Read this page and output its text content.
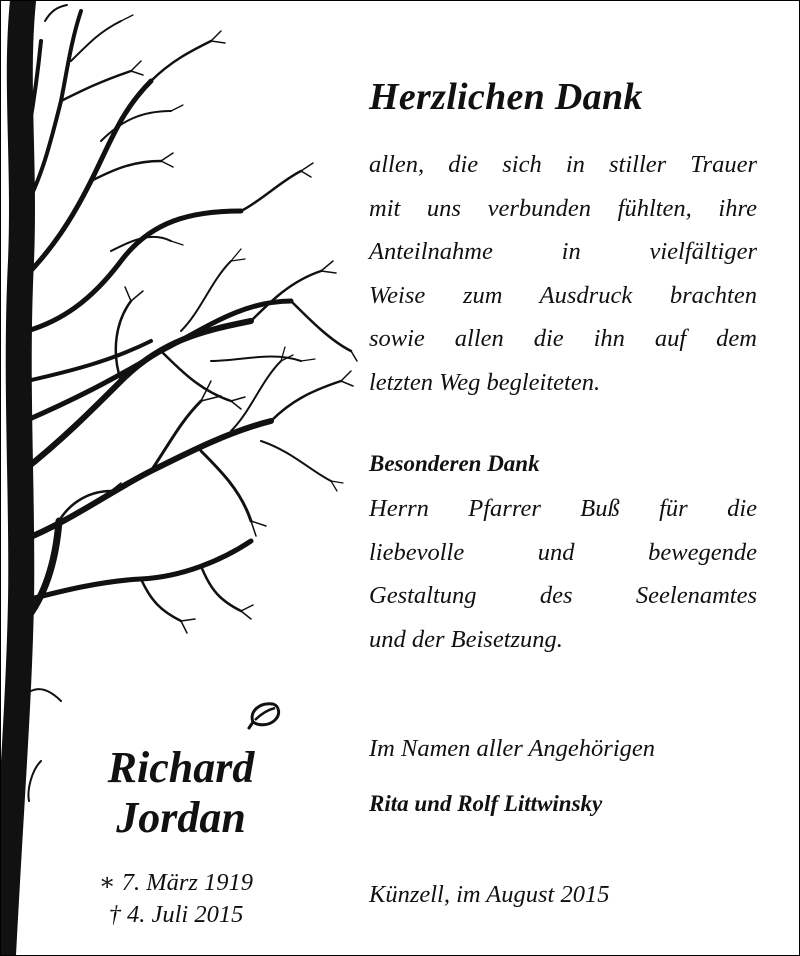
Herzlichen Dank
allen, die sich in stiller Trauer
mit uns verbunden fühlten, ihre
Anteilnahme in vielfältiger
Weise zum Ausdruck brachten
sowie allen die ihn auf dem
letzten Weg begleiteten.
Besonderen Dank
Herrn Pfarrer Buß für die
liebevolle und bewegende
Gestaltung des Seelenamtes
und der Beisetzung.
Im Namen aller Angehörigen
Rita und Rolf Littwinsky
Künzell, im August 2015
Richard
Jordan
∗ 7. März 1919
† 4. Juli 2015
